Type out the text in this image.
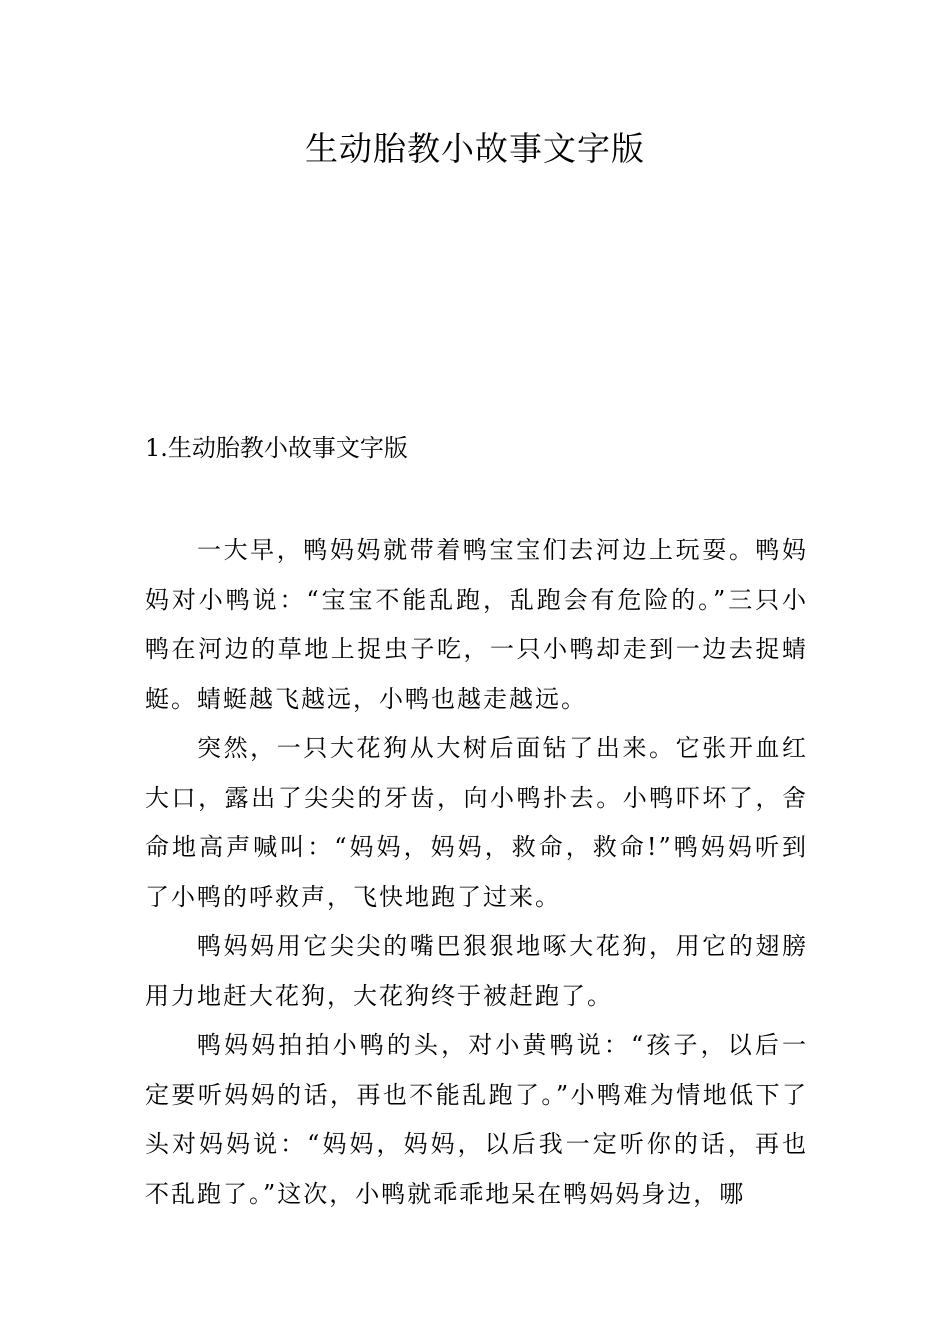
生动胎教小故事文字版
1.生动胎教小故事文字版

一大早，鸭妈妈就带着鸭宝宝们去河边上玩耍。鸭妈妈对小鸭说：“宝宝不能乱跑，乱跑会有危险的。”三只小鸭在河边的草地上捉虫子吃，一只小鸭却走到一边去捉蜻蜓。蜻蜓越飞越远，小鸭也越走越远。

突然，一只大花狗从大树后面钻了出来。它张开血红大口，露出了尖尖的牙齿，向小鸭扑去。小鸭吓坏了，舍命地高声喊叫：“妈妈，妈妈，救命，救命!”鸭妈妈听到了小鸭的呼救声，飞快地跑了过来。

鸭妈妈用它尖尖的嘴巴狠狠地啄大花狗，用它的翅膀用力地赶大花狗，大花狗终于被赶跑了。

鸭妈妈拍拍小鸭的头，对小黄鸭说：“孩子，以后一定要听妈妈的话，再也不能乱跑了。”小鸭难为情地低下了头对妈妈说：“妈妈，妈妈，以后我一定听你的话，再也不乱跑了。”这次，小鸭就乖乖地呆在鸭妈妈身边，哪
